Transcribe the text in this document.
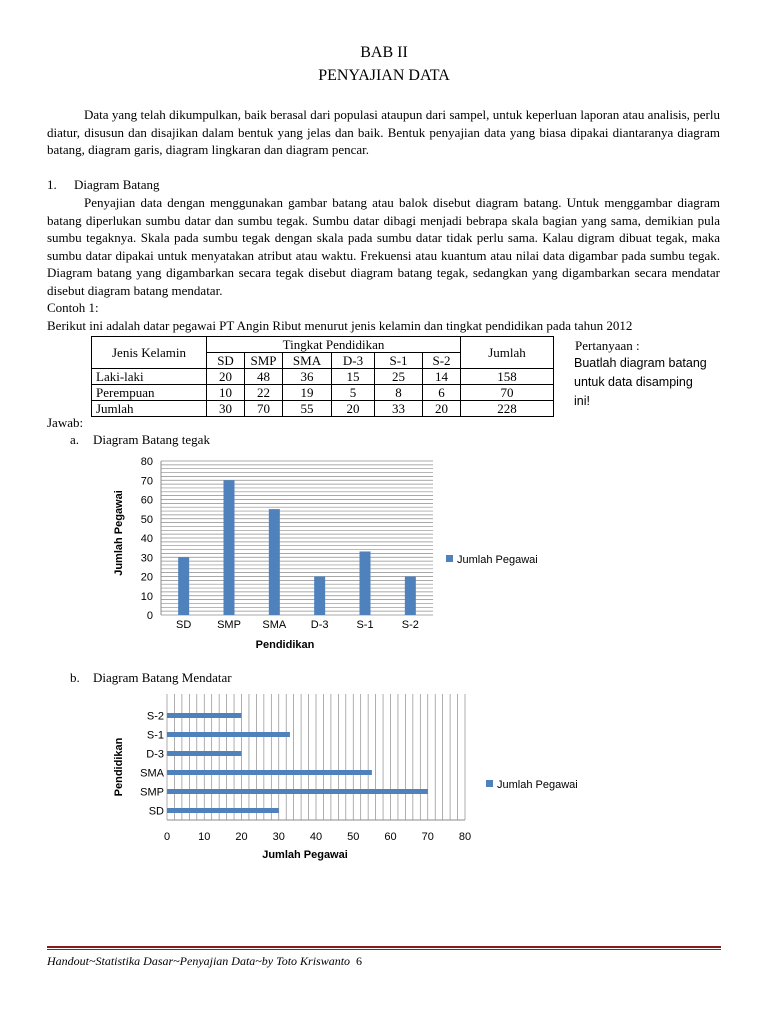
BAB II
PENYAJIAN DATA
Data yang telah dikumpulkan, baik berasal dari populasi ataupun dari sampel, untuk keperluan laporan atau analisis, perlu diatur, disusun dan disajikan dalam bentuk yang jelas dan baik. Bentuk penyajian data yang biasa dipakai diantaranya diagram batang, diagram garis, diagram lingkaran dan diagram pencar.
1. Diagram Batang
Penyajian data dengan menggunakan gambar batang atau balok disebut diagram batang. Untuk menggambar diagram batang diperlukan sumbu datar dan sumbu tegak. Sumbu datar dibagi menjadi bebrapa skala bagian yang sama, demikian pula sumbu tegaknya. Skala pada sumbu tegak dengan skala pada sumbu datar tidak perlu sama. Kalau digram dibuat tegak, maka sumbu datar dipakai untuk menyatakan atribut atau waktu. Frekuensi atau kuantum atau nilai data digambar pada sumbu tegak. Diagram batang yang digambarkan secara tegak disebut diagram batang tegak, sedangkan yang digambarkan secara mendatar disebut diagram batang mendatar.
Contoh 1:
Berikut ini adalah datar pegawai PT Angin Ribut menurut jenis kelamin dan tingkat pendidikan pada tahun 2012
Jenis Kelamin	Tingkat Pendidikan						Jumlah
	SD	SMP	SMA	D-3	S-1	S-2	
Laki-laki	20	48	36	15	25	14	158
Perempuan	10	22	19	5	8	6	70
Jumlah	30	70	55	20	33	20	228
Pertanyaan :
Buatlah diagram batang
untuk data disamping
ini!
Jawab:
a. Diagram Batang tegak
0
10
20
30
40
50
60
70
80
SD SMP SMA D-3	S-1	S-2
Pendidikan
Jumlah Pegawai	Jumlah Pegawai
b. Diagram Batang Mendatar
SD
SMP
SMA
D-3
S-1
S-2
0	10 20 30 40 50 60 70 80
Jumlah Pegawai
Pendidikan	Jumlah Pegawai
Handout~Statistika Dasar~Penyajian Data~by Toto Kriswanto 6
